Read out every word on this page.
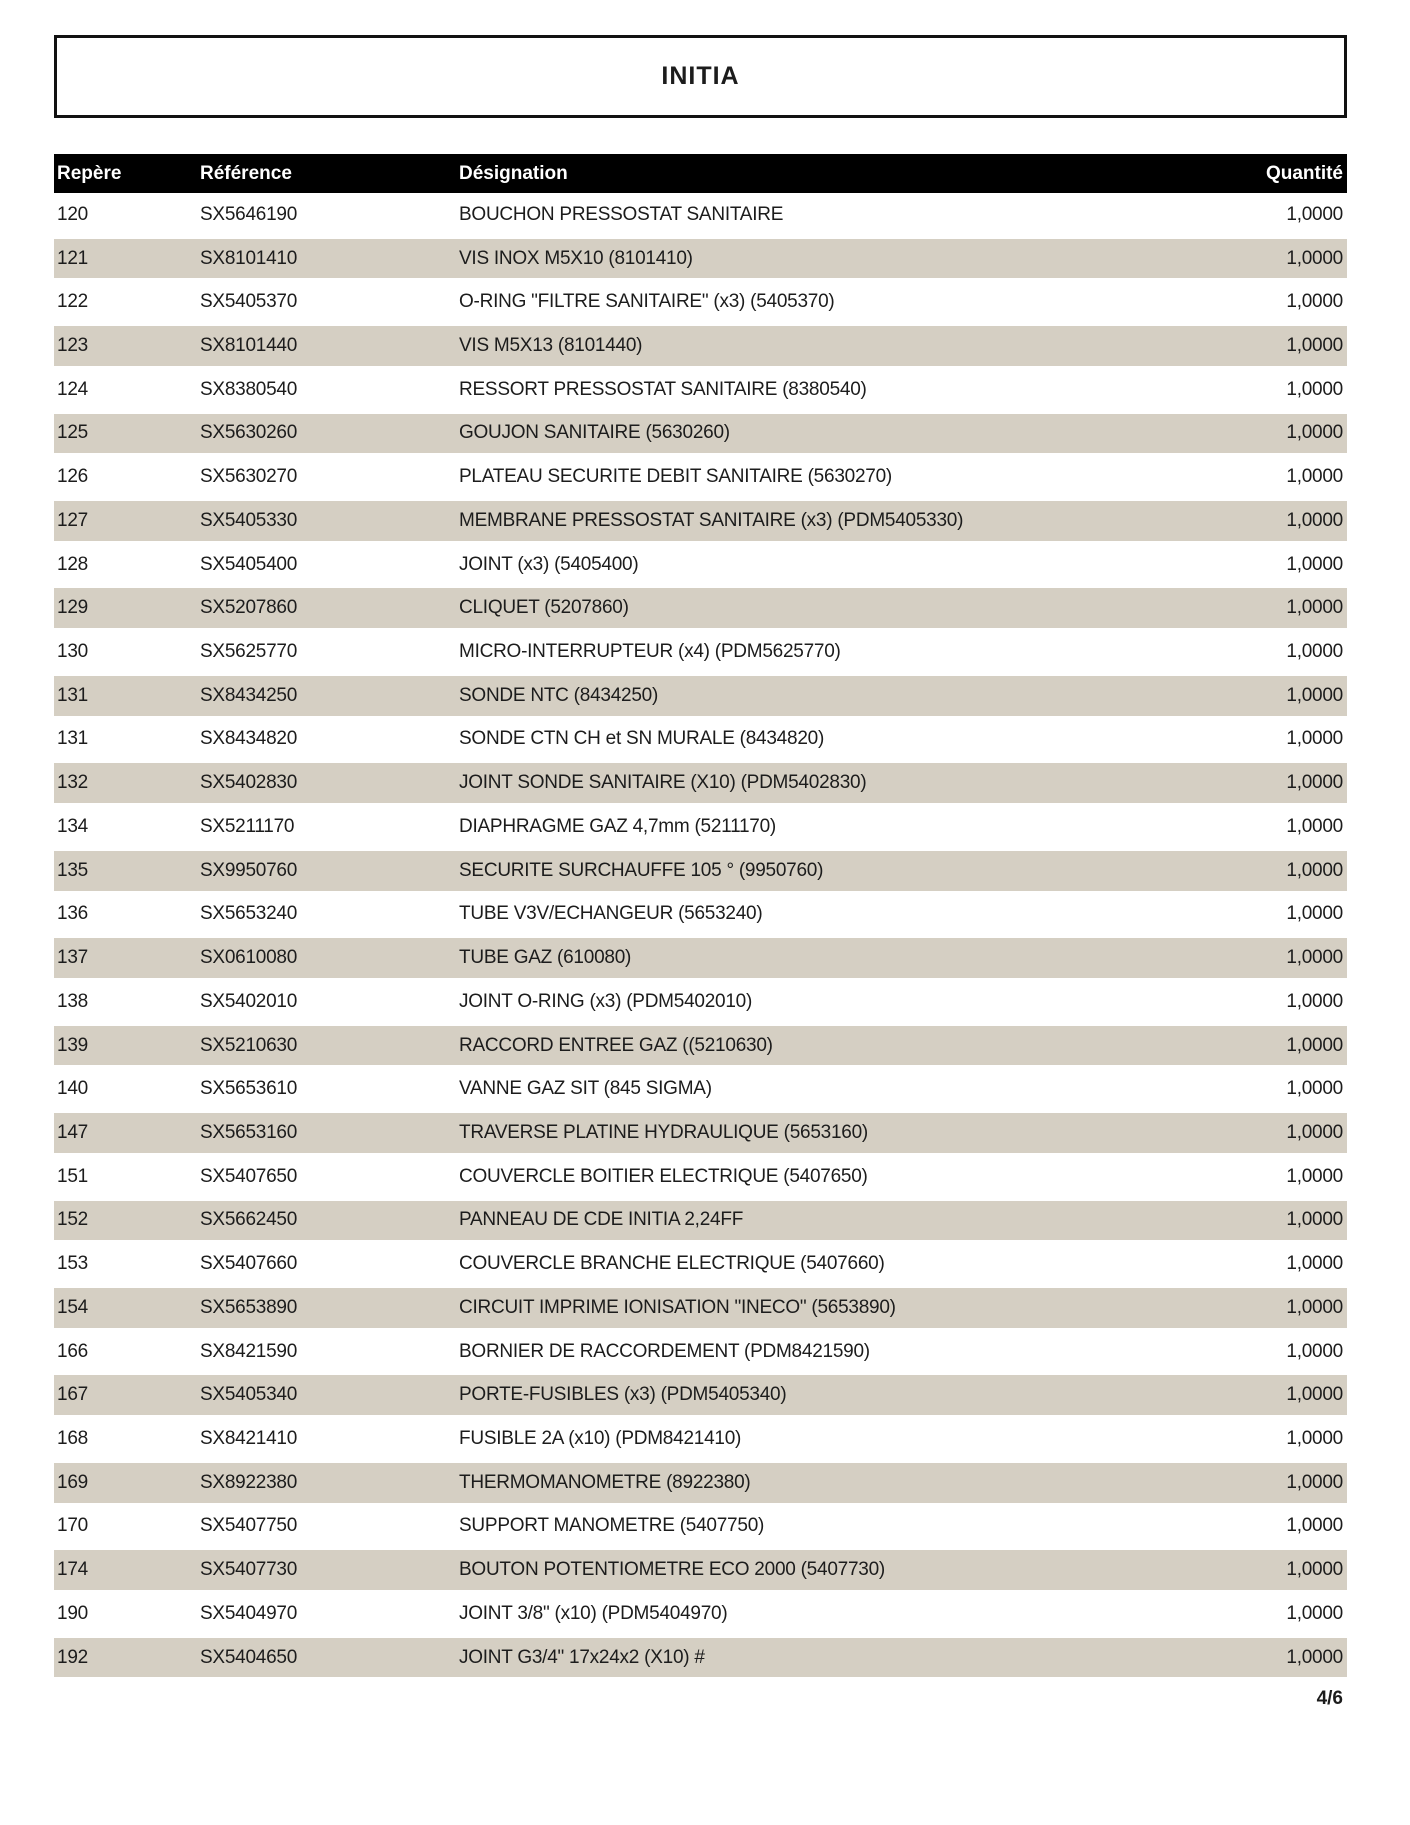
INITIA
Repère	Référence	Désignation	Quantité
120	SX5646190	BOUCHON PRESSOSTAT SANITAIRE	1,0000
121	SX8101410	VIS INOX M5X10 (8101410)	1,0000
122	SX5405370	O-RING "FILTRE SANITAIRE" (x3) (5405370)	1,0000
123	SX8101440	VIS M5X13 (8101440)	1,0000
124	SX8380540	RESSORT PRESSOSTAT SANITAIRE (8380540)	1,0000
125	SX5630260	GOUJON SANITAIRE (5630260)	1,0000
126	SX5630270	PLATEAU SECURITE DEBIT SANITAIRE (5630270)	1,0000
127	SX5405330	MEMBRANE PRESSOSTAT SANITAIRE (x3) (PDM5405330)	1,0000
128	SX5405400	JOINT (x3) (5405400)	1,0000
129	SX5207860	CLIQUET (5207860)	1,0000
130	SX5625770	MICRO-INTERRUPTEUR (x4) (PDM5625770)	1,0000
131	SX8434250	SONDE NTC (8434250)	1,0000
131	SX8434820	SONDE CTN CH et SN MURALE (8434820)	1,0000
132	SX5402830	JOINT SONDE SANITAIRE (X10) (PDM5402830)	1,0000
134	SX5211170	DIAPHRAGME GAZ 4,7mm (5211170)	1,0000
135	SX9950760	SECURITE SURCHAUFFE 105 ° (9950760)	1,0000
136	SX5653240	TUBE V3V/ECHANGEUR (5653240)	1,0000
137	SX0610080	TUBE GAZ (610080)	1,0000
138	SX5402010	JOINT O-RING (x3) (PDM5402010)	1,0000
139	SX5210630	RACCORD ENTREE GAZ ((5210630)	1,0000
140	SX5653610	VANNE GAZ SIT (845 SIGMA)	1,0000
147	SX5653160	TRAVERSE PLATINE HYDRAULIQUE (5653160)	1,0000
151	SX5407650	COUVERCLE BOITIER ELECTRIQUE (5407650)	1,0000
152	SX5662450	PANNEAU DE CDE INITIA 2,24FF	1,0000
153	SX5407660	COUVERCLE BRANCHE ELECTRIQUE (5407660)	1,0000
154	SX5653890	CIRCUIT IMPRIME IONISATION "INECO" (5653890)	1,0000
166	SX8421590	BORNIER DE RACCORDEMENT (PDM8421590)	1,0000
167	SX5405340	PORTE-FUSIBLES (x3) (PDM5405340)	1,0000
168	SX8421410	FUSIBLE 2A (x10) (PDM8421410)	1,0000
169	SX8922380	THERMOMANOMETRE (8922380)	1,0000
170	SX5407750	SUPPORT MANOMETRE (5407750)	1,0000
174	SX5407730	BOUTON POTENTIOMETRE ECO 2000 (5407730)	1,0000
190	SX5404970	JOINT 3/8" (x10) (PDM5404970)	1,0000
192	SX5404650	JOINT G3/4" 17x24x2 (X10) #	1,0000
4/6
